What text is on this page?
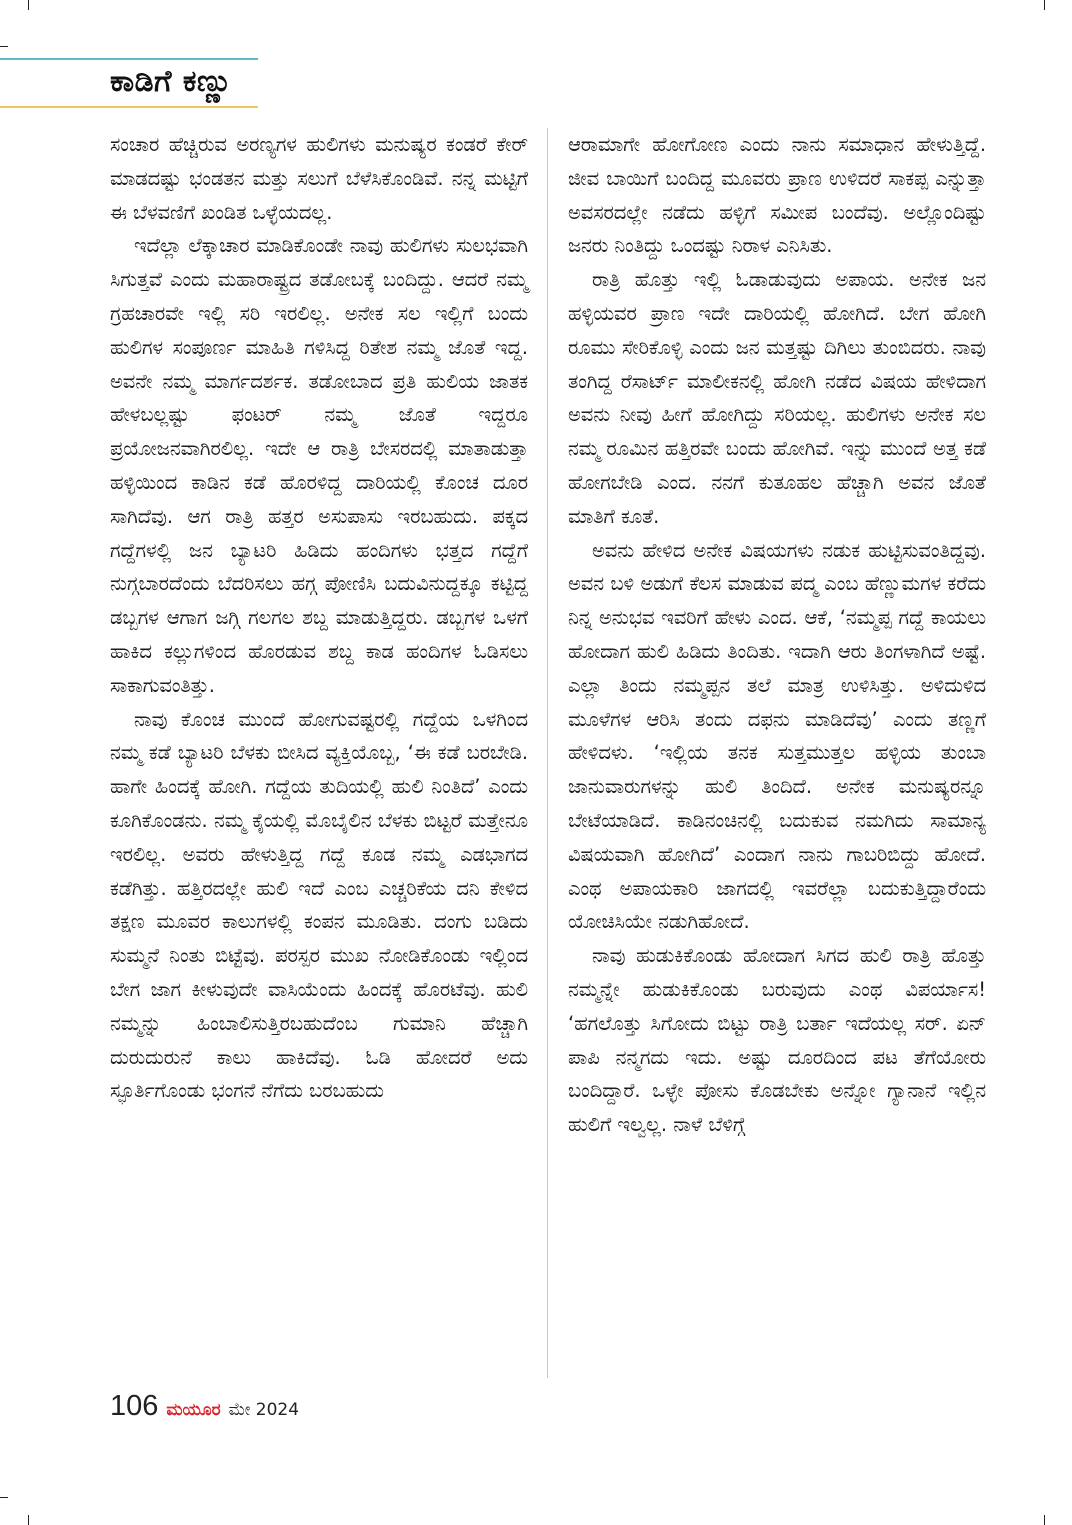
ಕಾಡಿಗೆ ಕಣ್ಣು

ಸಂಚಾರ ಹೆಚ್ಚಿರುವ ಅರಣ್ಯಗಳ ಹುಲಿಗಳು ಮನುಷ್ಯರ ಕಂಡರೆ ಕೇರ್ ಮಾಡದಷ್ಟು ಭಂಡತನ ಮತ್ತು ಸಲುಗೆ ಬೆಳೆಸಿಕೊಂಡಿವೆ. ನನ್ನ ಮಟ್ಟಿಗೆ ಈ ಬೆಳವಣಿಗೆ ಖಂಡಿತ ಒಳ್ಳೆಯದಲ್ಲ.

ಇದೆಲ್ಲಾ ಲೆಕ್ಕಾಚಾರ ಮಾಡಿಕೊಂಡೇ ನಾವು ಹುಲಿಗಳು ಸುಲಭವಾಗಿ ಸಿಗುತ್ತವೆ ಎಂದು ಮಹಾರಾಷ್ಟ್ರದ ತಡೋಬಕ್ಕೆ ಬಂದಿದ್ದು. ಆದರೆ ನಮ್ಮ ಗ್ರಹಚಾರವೇ ಇಲ್ಲಿ ಸರಿ ಇರಲಿಲ್ಲ. ಅನೇಕ ಸಲ ಇಲ್ಲಿಗೆ ಬಂದು ಹುಲಿಗಳ ಸಂಪೂರ್ಣ ಮಾಹಿತಿ ಗಳಿಸಿದ್ದ ರಿತೇಶ ನಮ್ಮ ಜೊತೆ ಇದ್ದ. ಅವನೇ ನಮ್ಮ ಮಾರ್ಗದರ್ಶಕ. ತಡೋಬಾದ ಪ್ರತಿ ಹುಲಿಯ ಜಾತಕ ಹೇಳಬಲ್ಲಷ್ಟು ಫಂಟರ್ ನಮ್ಮ ಜೊತೆ ಇದ್ದರೂ ಪ್ರಯೋಜನವಾಗಿರಲಿಲ್ಲ. ಇದೇ ಆ ರಾತ್ರಿ ಬೇಸರದಲ್ಲಿ ಮಾತಾಡುತ್ತಾ ಹಳ್ಳಿಯಿಂದ ಕಾಡಿನ ಕಡೆ ಹೊರಳಿದ್ದ ದಾರಿಯಲ್ಲಿ ಕೊಂಚ ದೂರ ಸಾಗಿದೆವು. ಆಗ ರಾತ್ರಿ ಹತ್ತರ ಅಸುಪಾಸು ಇರಬಹುದು. ಪಕ್ಕದ ಗದ್ದೆಗಳಲ್ಲಿ ಜನ ಬ್ಯಾಟರಿ ಹಿಡಿದು ಹಂದಿಗಳು ಭತ್ತದ ಗದ್ದೆಗೆ ನುಗ್ಗಬಾರದೆಂದು ಬೆದರಿಸಲು ಹಗ್ಗ ಪೋಣಿಸಿ ಬದುವಿನುದ್ದಕ್ಕೂ ಕಟ್ಟಿದ್ದ ಡಬ್ಬಗಳ ಆಗಾಗ ಜಗ್ಗಿ ಗಲಗಲ ಶಬ್ದ ಮಾಡುತ್ತಿದ್ದರು. ಡಬ್ಬಗಳ ಒಳಗೆ ಹಾಕಿದ ಕಲ್ಲುಗಳಿಂದ ಹೊರಡುವ ಶಬ್ದ ಕಾಡ ಹಂದಿಗಳ ಓಡಿಸಲು ಸಾಕಾಗುವಂತಿತ್ತು.

ನಾವು ಕೊಂಚ ಮುಂದೆ ಹೋಗುವಷ್ಟರಲ್ಲಿ ಗದ್ದೆಯ ಒಳಗಿಂದ ನಮ್ಮ ಕಡೆ ಬ್ಯಾಟರಿ ಬೆಳಕು ಬೀಸಿದ ವ್ಯಕ್ತಿಯೊಬ್ಬ, ‘ಈ ಕಡೆ ಬರಬೇಡಿ. ಹಾಗೇ ಹಿಂದಕ್ಕೆ ಹೋಗಿ. ಗದ್ದೆಯ ತುದಿಯಲ್ಲಿ ಹುಲಿ ನಿಂತಿದೆ’ ಎಂದು ಕೂಗಿಕೊಂಡನು. ನಮ್ಮ ಕೈಯಲ್ಲಿ ಮೊಬೈಲಿನ ಬೆಳಕು ಬಿಟ್ಟರೆ ಮತ್ತೇನೂ ಇರಲಿಲ್ಲ. ಅವರು ಹೇಳುತ್ತಿದ್ದ ಗದ್ದೆ ಕೂಡ ನಮ್ಮ ಎಡಭಾಗದ ಕಡೆಗಿತ್ತು. ಹತ್ತಿರದಲ್ಲೇ ಹುಲಿ ಇದೆ ಎಂಬ ಎಚ್ಚರಿಕೆಯ ದನಿ ಕೇಳಿದ ತಕ್ಷಣ ಮೂವರ ಕಾಲುಗಳಲ್ಲಿ ಕಂಪನ ಮೂಡಿತು. ದಂಗು ಬಡಿದು ಸುಮ್ಮನೆ ನಿಂತು ಬಿಟ್ಟೆವು. ಪರಸ್ಪರ ಮುಖ ನೋಡಿಕೊಂಡು ಇಲ್ಲಿಂದ ಬೇಗ ಜಾಗ ಕೀಳುವುದೇ ವಾಸಿಯೆಂದು ಹಿಂದಕ್ಕೆ ಹೊರಟೆವು. ಹುಲಿ ನಮ್ಮನ್ನು ಹಿಂಬಾಲಿಸುತ್ತಿರಬಹುದೆಂಬ ಗುಮಾನಿ ಹೆಚ್ಚಾಗಿ ದುರುದುರುನೆ ಕಾಲು ಹಾಕಿದೆವು. ಓಡಿ ಹೋದರೆ ಅದು ಸ್ಫೂರ್ತಿಗೊಂಡು ಭಂಗನೆ ನೆಗೆದು ಬರಬಹುದು

ಆರಾಮಾಗೇ ಹೋಗೋಣ ಎಂದು ನಾನು ಸಮಾಧಾನ ಹೇಳುತ್ತಿದ್ದೆ. ಜೀವ ಬಾಯಿಗೆ ಬಂದಿದ್ದ ಮೂವರು ಪ್ರಾಣ ಉಳಿದರೆ ಸಾಕಪ್ಪ ಎನ್ನುತ್ತಾ ಅವಸರದಲ್ಲೇ ನಡೆದು ಹಳ್ಳಿಗೆ ಸಮೀಪ ಬಂದೆವು. ಅಲ್ಲೊಂದಿಷ್ಟು ಜನರು ನಿಂತಿದ್ದು ಒಂದಷ್ಟು ನಿರಾಳ ಎನಿಸಿತು.

ರಾತ್ರಿ ಹೊತ್ತು ಇಲ್ಲಿ ಓಡಾಡುವುದು ಅಪಾಯ. ಅನೇಕ ಜನ ಹಳ್ಳಿಯವರ ಪ್ರಾಣ ಇದೇ ದಾರಿಯಲ್ಲಿ ಹೋಗಿದೆ. ಬೇಗ ಹೋಗಿ ರೂಮು ಸೇರಿಕೊಳ್ಳಿ ಎಂದು ಜನ ಮತ್ತಷ್ಟು ದಿಗಿಲು ತುಂಬಿದರು. ನಾವು ತಂಗಿದ್ದ ರೆಸಾರ್ಟ್ ಮಾಲೀಕನಲ್ಲಿ ಹೋಗಿ ನಡೆದ ವಿಷಯ ಹೇಳಿದಾಗ ಅವನು ನೀವು ಹೀಗೆ ಹೋಗಿದ್ದು ಸರಿಯಲ್ಲ. ಹುಲಿಗಳು ಅನೇಕ ಸಲ ನಮ್ಮ ರೂಮಿನ ಹತ್ತಿರವೇ ಬಂದು ಹೋಗಿವೆ. ಇನ್ನು ಮುಂದೆ ಅತ್ತ ಕಡೆ ಹೋಗಬೇಡಿ ಎಂದ. ನನಗೆ ಕುತೂಹಲ ಹೆಚ್ಚಾಗಿ ಅವನ ಜೊತೆ ಮಾತಿಗೆ ಕೂತೆ.

ಅವನು ಹೇಳಿದ ಅನೇಕ ವಿಷಯಗಳು ನಡುಕ ಹುಟ್ಟಿಸುವಂತಿದ್ದವು. ಅವನ ಬಳಿ ಅಡುಗೆ ಕೆಲಸ ಮಾಡುವ ಪದ್ಮ ಎಂಬ ಹೆಣ್ಣುಮಗಳ ಕರೆದು ನಿನ್ನ ಅನುಭವ ಇವರಿಗೆ ಹೇಳು ಎಂದ. ಆಕೆ, ‘ನಮ್ಮಪ್ಪ ಗದ್ದೆ ಕಾಯಲು ಹೋದಾಗ ಹುಲಿ ಹಿಡಿದು ತಿಂದಿತು. ಇದಾಗಿ ಆರು ತಿಂಗಳಾಗಿದೆ ಅಷ್ಟೆ. ಎಲ್ಲಾ ತಿಂದು ನಮ್ಮಪ್ಪನ ತಲೆ ಮಾತ್ರ ಉಳಿಸಿತ್ತು. ಅಳಿದುಳಿದ ಮೂಳೆಗಳ ಆರಿಸಿ ತಂದು ದಫನು ಮಾಡಿದೆವು’ ಎಂದು ತಣ್ಣಗೆ ಹೇಳಿದಳು. ‘ಇಲ್ಲಿಯ ತನಕ ಸುತ್ತಮುತ್ತಲ ಹಳ್ಳಿಯ ತುಂಬಾ ಜಾನುವಾರುಗಳನ್ನು ಹುಲಿ ತಿಂದಿದೆ. ಅನೇಕ ಮನುಷ್ಯರನ್ನೂ ಬೇಟೆಯಾಡಿದೆ. ಕಾಡಿನಂಚಿನಲ್ಲಿ ಬದುಕುವ ನಮಗಿದು ಸಾಮಾನ್ಯ ವಿಷಯವಾಗಿ ಹೋಗಿದೆ’ ಎಂದಾಗ ನಾನು ಗಾಬರಿಬಿದ್ದು ಹೋದೆ. ಎಂಥ ಅಪಾಯಕಾರಿ ಜಾಗದಲ್ಲಿ ಇವರೆಲ್ಲಾ ಬದುಕುತ್ತಿದ್ದಾರೆಂದು ಯೋಚಿಸಿಯೇ ನಡುಗಿಹೋದೆ.

ನಾವು ಹುಡುಕಿಕೊಂಡು ಹೋದಾಗ ಸಿಗದ ಹುಲಿ ರಾತ್ರಿ ಹೊತ್ತು ನಮ್ಮನ್ನೇ ಹುಡುಕಿಕೊಂಡು ಬರುವುದು ಎಂಥ ವಿಪರ್ಯಾಸ! ‘ಹಗಲೊತ್ತು ಸಿಗೋದು ಬಿಟ್ಟು ರಾತ್ರಿ ಬರ್ತಾ ಇದೆಯಲ್ಲ ಸರ್. ಏನ್ ಪಾಪಿ ನನ್ಮಗದು ಇದು. ಅಷ್ಟು ದೂರದಿಂದ ಪಟ ತೆಗೆಯೋರು ಬಂದಿದ್ದಾರೆ. ಒಳ್ಳೇ ಪೋಸು ಕೊಡಬೇಕು ಅನ್ನೋ ಗ್ಯಾನಾನೆ ಇಲ್ಲಿನ ಹುಲಿಗೆ ಇಲ್ವಲ್ಲ. ನಾಳೆ ಬೆಳಿಗ್ಗೆ

106 ಮಯೂರ ಮೇ 2024
